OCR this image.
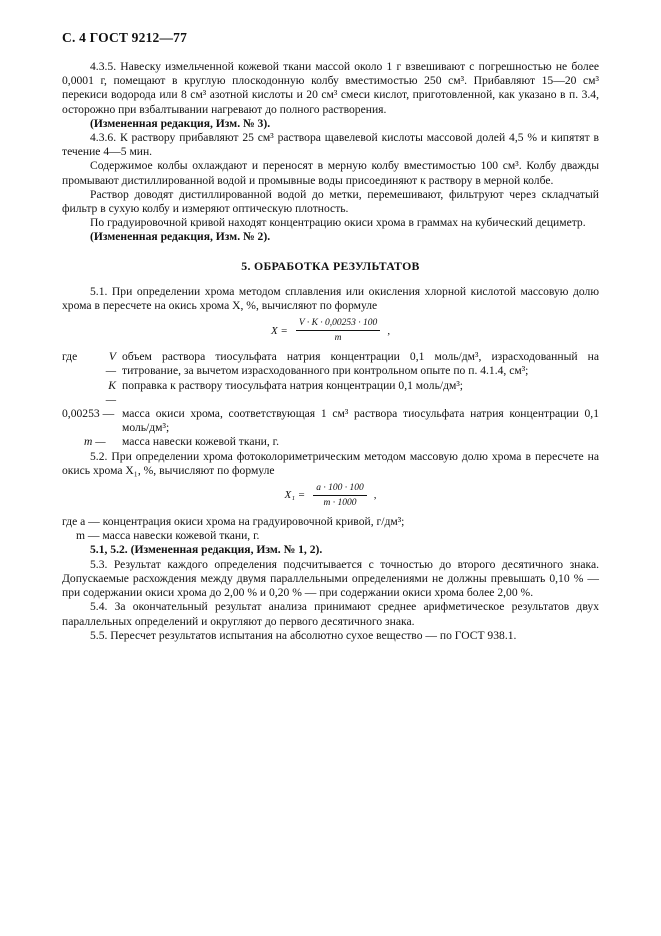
С. 4 ГОСТ 9212—77

4.3.5. Навеску измельченной кожевой ткани массой около 1 г взвешивают с погрешностью не более 0,0001 г, помещают в круглую плоскодонную колбу вместимостью 250 см³. Прибавляют 15—20 см³ перекиси водорода или 8 см³ азотной кислоты и 20 см³ смеси кислот, приготовленной, как указано в п. 3.4, осторожно при взбалтывании нагревают до полного растворения.

(Измененная редакция, Изм. № 3).

4.3.6. К раствору прибавляют 25 см³ раствора щавелевой кислоты массовой долей 4,5 % и кипятят в течение 4—5 мин.

Содержимое колбы охлаждают и переносят в мерную колбу вместимостью 100 см³. Колбу дважды промывают дистиллированной водой и промывные воды присоединяют к раствору в мерной колбе.

Раствор доводят дистиллированной водой до метки, перемешивают, фильтруют через складчатый фильтр в сухую колбу и измеряют оптическую плотность.

По градуировочной кривой находят концентрацию окиси хрома в граммах на кубический дециметр.

(Измененная редакция, Изм. № 2).

5. ОБРАБОТКА РЕЗУЛЬТАТОВ

5.1. При определении хрома методом сплавления или окисления хлорной кислотой массовую долю хрома в пересчете на окись хрома X, %, вычисляют по формуле

$X = \frac{V \cdot K \cdot 0,00253 \cdot 100}{m}$ ,
где	V —
объем раствора тиосульфата натрия концентрации 0,1 моль/дм³, израсходованный на титрование, за вычетом израсходованного при контрольном опыте по п. 4.1.4, см³;
K —
поправка к раствору тиосульфата натрия концентрации 0,1 моль/дм³;
0,00253 — масса окиси хрома, соответствующая 1 см³ раствора тиосульфата натрия концентрации 0,1 моль/дм³;
m —	масса навески кожевой ткани, г.

5.2. При определении хрома фотоколориметрическим методом массовую долю хрома в пересчете на окись хрома X₁, %, вычисляют по формуле

$X_1 = \frac{a \cdot 100 \cdot 100}{m \cdot 1000}$ ,

где a — концентрация окиси хрома на градуировочной кривой, г/дм³;

m — масса навески кожевой ткани, г.

5.1, 5.2. (Измененная редакция, Изм. № 1, 2).

5.3. Результат каждого определения подсчитывается с точностью до второго десятичного знака. Допускаемые расхождения между двумя параллельными определениями не должны превышать 0,10 % — при содержании окиси хрома до 2,00 % и 0,20 % — при содержании окиси хрома более 2,00 %.

5.4. За окончательный результат анализа принимают среднее арифметическое результатов двух параллельных определений и округляют до первого десятичного знака.

5.5. Пересчет результатов испытания на абсолютно сухое вещество — по ГОСТ 938.1.
